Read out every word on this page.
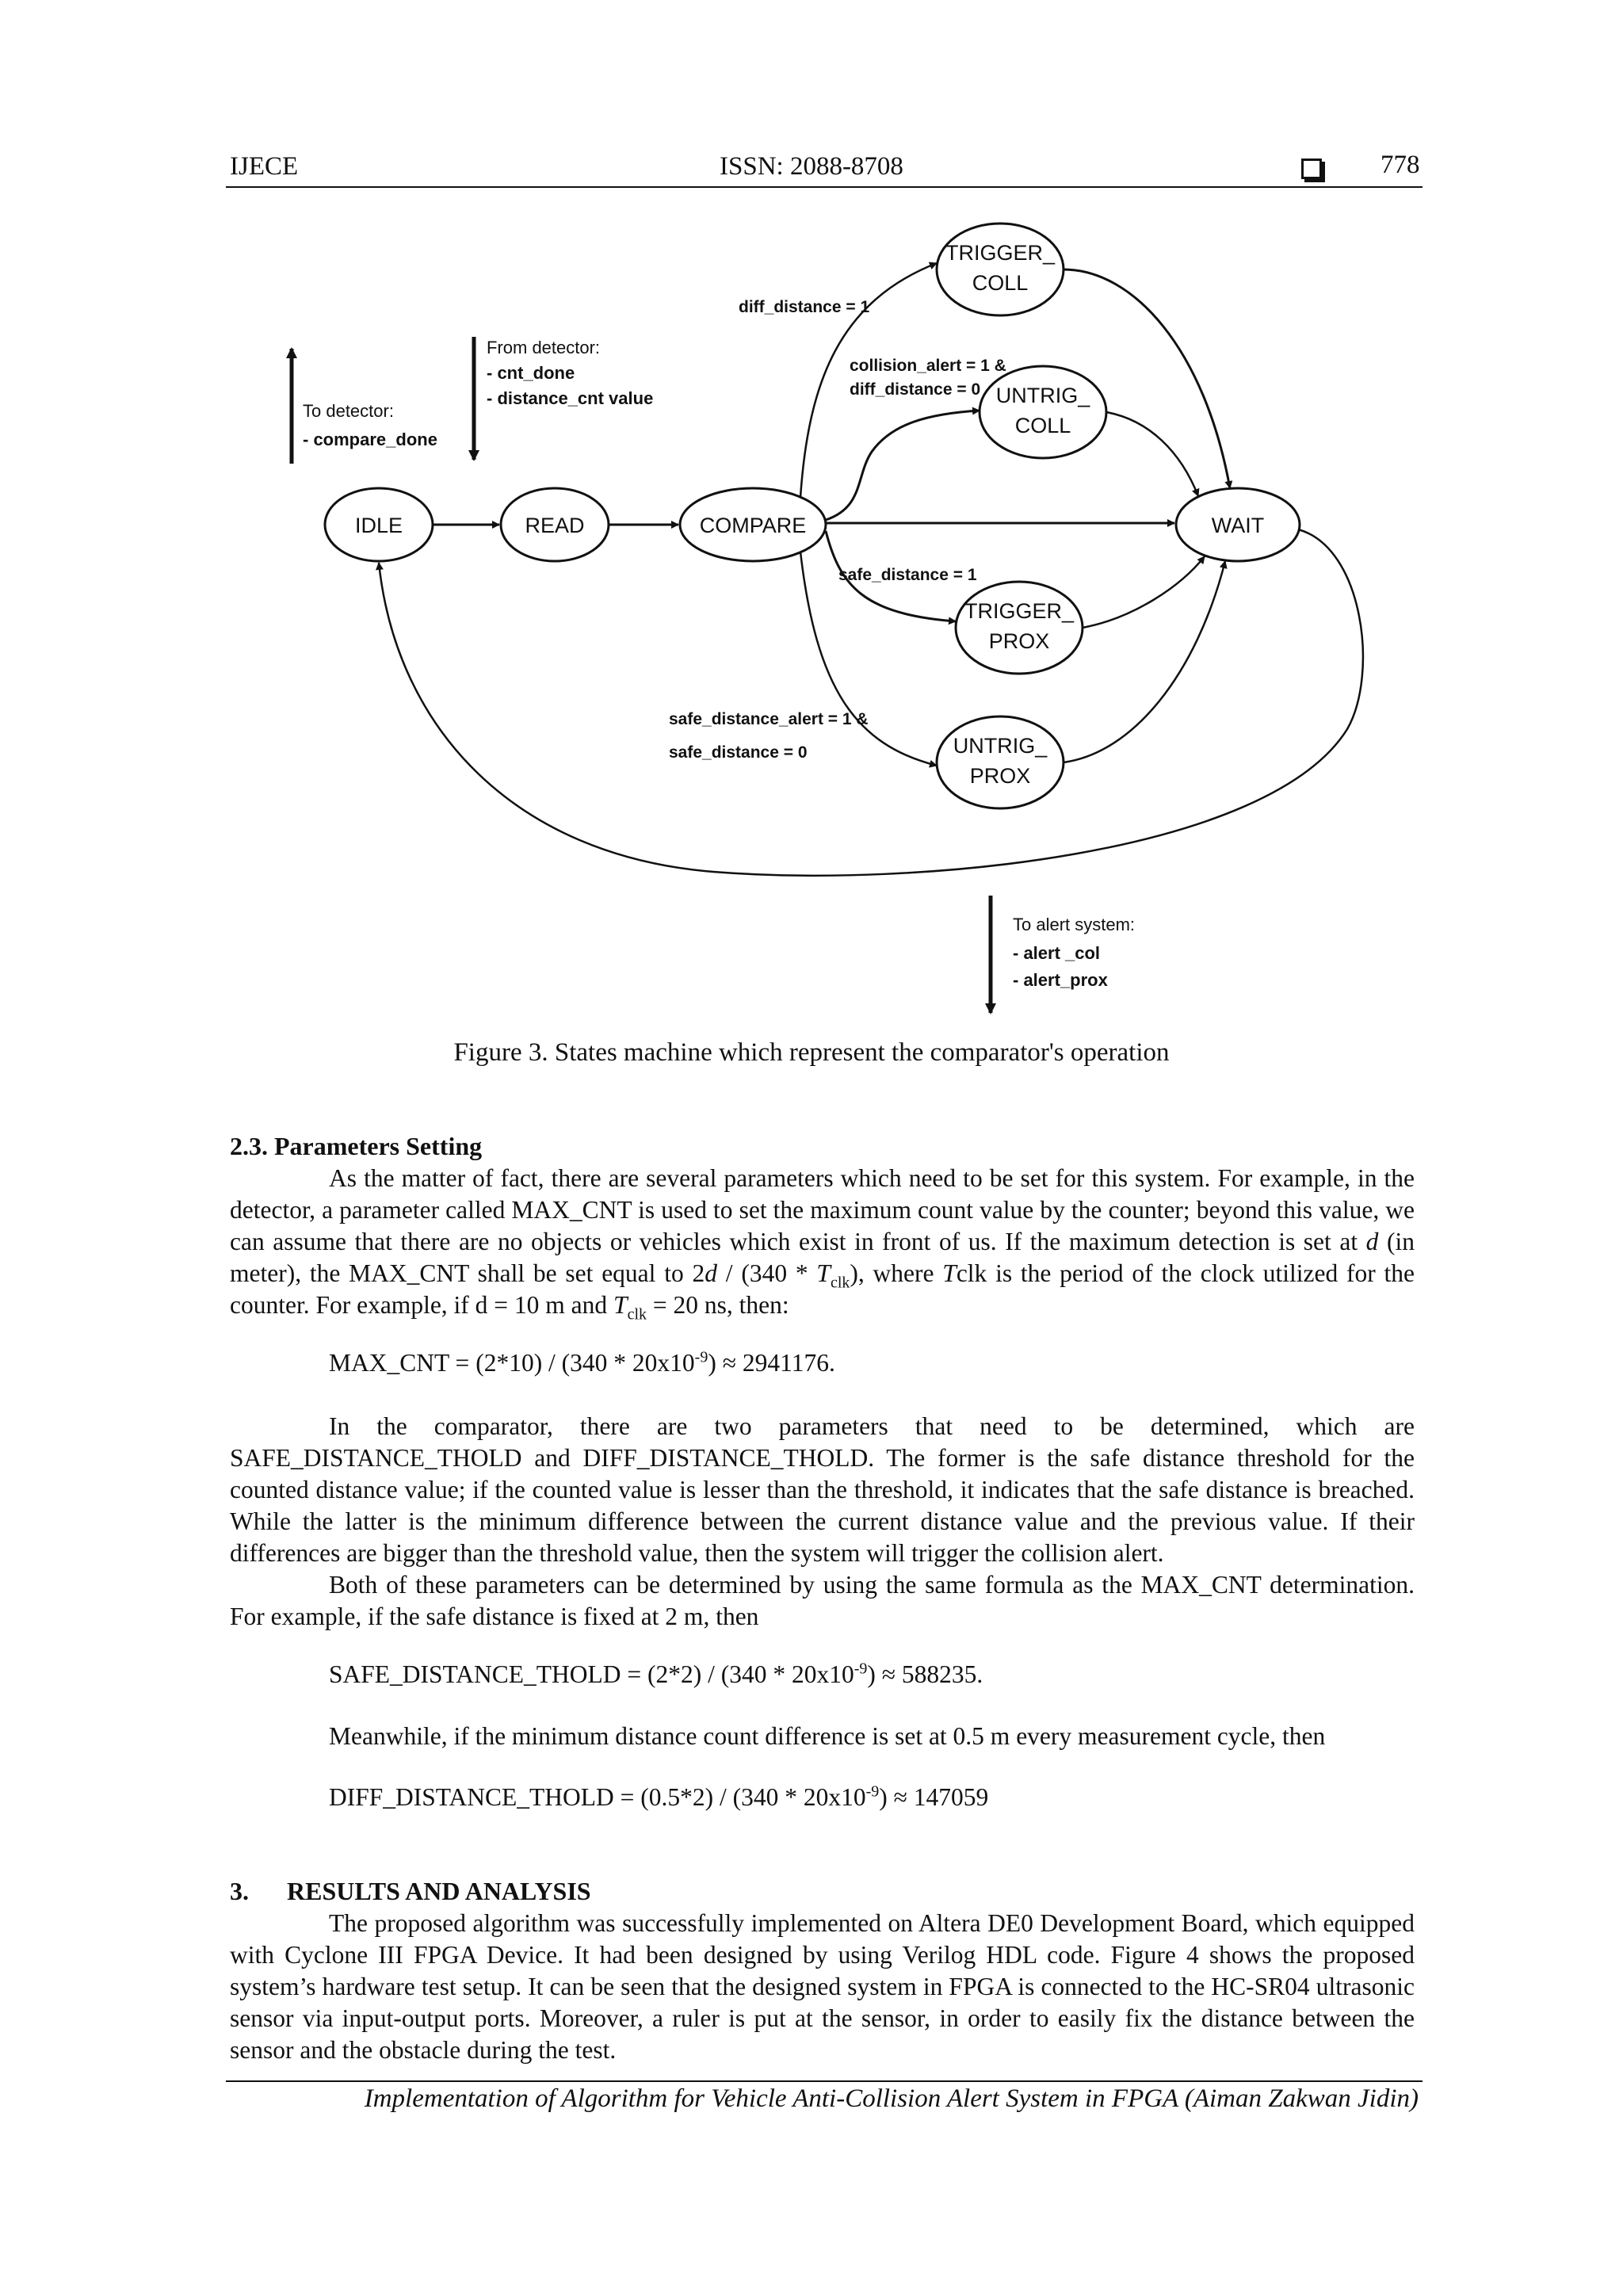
IJECE	ISSN: 2088-8708	778
IDLE	READ	COMPARE	WAIT
TRIGGER_
COLL
UNTRIG_
COLL
TRIGGER_
PROX
UNTRIG_
PROX
diff_distance = 1
collision_alert = 1 &
diff_distance = 0
safe_distance = 1
safe_distance_alert = 1 &
safe_distance = 0
To detector:
- compare_done
From detector:
- cnt_done
- distance_cnt value
To alert system:
- alert _col
- alert_prox
Figure 3. States machine which represent the comparator's operation
2.3. Parameters Setting
As the matter of fact, there are several parameters which need to be set for this system. For example, in the detector, a parameter called MAX_CNT is used to set the maximum count value by the counter; beyond this value, we can assume that there are no objects or vehicles which exist in front of us. If the maximum detection is set at d (in meter), the MAX_CNT shall be set equal to $2d / (340 * T_{clk})$, where Tclk is the period of the clock utilized for the counter. For example, if d = 10 m and $T_{clk} = 20$ ns, then:
MAX_CNT = $(2*10) / (340 * 20x10^{-9}) \approx 2941176$.
In the comparator, there are two parameters that need to be determined, which are SAFE_DISTANCE_THOLD and DIFF_DISTANCE_THOLD. The former is the safe distance threshold for the counted distance value; if the counted value is lesser than the threshold, it indicates that the safe distance is breached. While the latter is the minimum difference between the current distance value and the previous value. If their differences are bigger than the threshold value, then the system will trigger the collision alert.
Both of these parameters can be determined by using the same formula as the MAX_CNT determination. For example, if the safe distance is fixed at 2 m, then
SAFE_DISTANCE_THOLD = $(2*2) / (340 * 20x10^{-9}) \approx 588235$.
Meanwhile, if the minimum distance count difference is set at 0.5 m every measurement cycle, then
DIFF_DISTANCE_THOLD = $(0.5*2) / (340 * 20x10^{-9}) \approx 147059$
3.      RESULTS AND ANALYSIS
The proposed algorithm was successfully implemented on Altera DE0 Development Board, which equipped with Cyclone III FPGA Device. It had been designed by using Verilog HDL code. Figure 4 shows the proposed system’s hardware test setup. It can be seen that the designed system in FPGA is connected to the HC-SR04 ultrasonic sensor via input-output ports. Moreover, a ruler is put at the sensor, in order to easily fix the distance between the sensor and the obstacle during the test.
Implementation of Algorithm for Vehicle Anti-Collision Alert System in FPGA (Aiman Zakwan Jidin)
